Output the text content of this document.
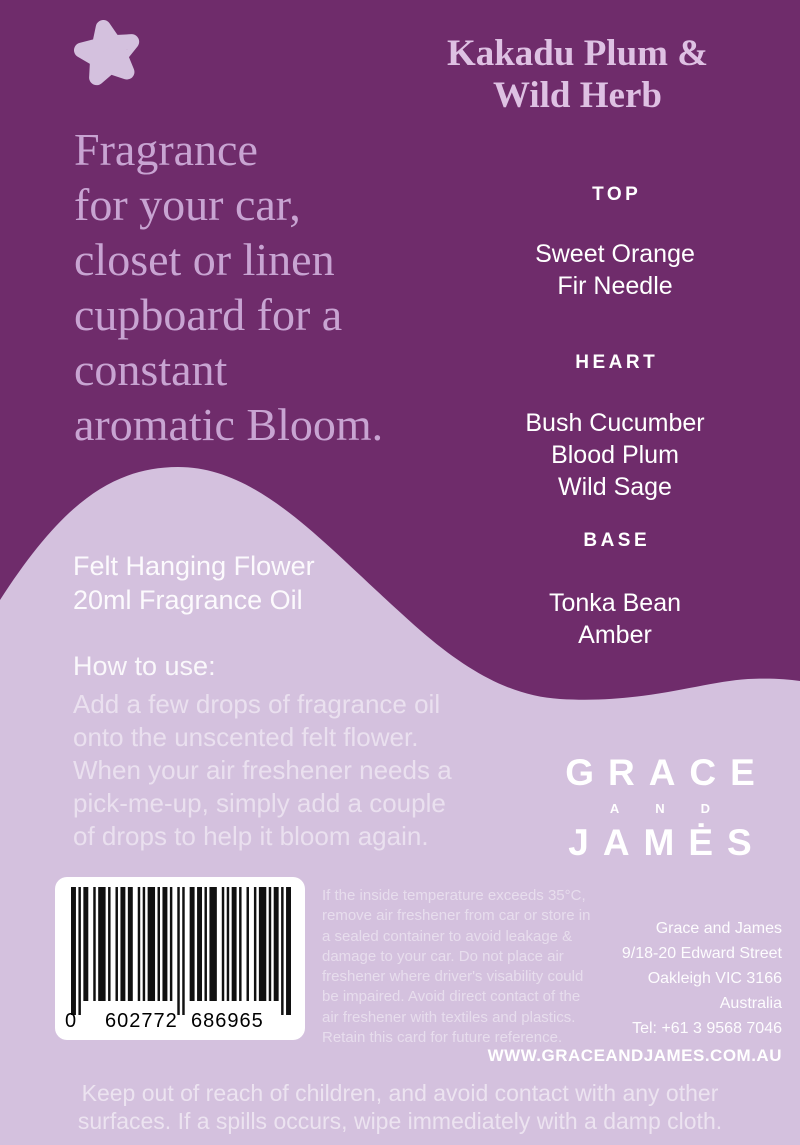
Kakadu Plum &
Wild Herb
Fragrance
for your car,
closet or linen
cupboard for a
constant
aromatic Bloom.
TOP
Sweet Orange
Fir Needle
HEART
Bush Cucumber
Blood Plum
Wild Sage
BASE
Tonka Bean
Amber
Felt Hanging Flower
20ml Fragrance Oil
How to use:
Add a few drops of fragrance oil
onto the unscented felt flower.
When your air freshener needs a
pick-me-up, simply add a couple
of drops to help it bloom again.
GRACE
AND
JAMĖS
0 602772 686965
If the inside temperature exceeds 35°C,
remove air freshener from car or store in
a sealed container to avoid leakage &
damage to your car. Do not place air
freshener where driver's visability could
be impaired. Avoid direct contact of the
air freshener with textiles and plastics.
Retain this card for future reference.
Grace and James
9/18-20 Edward Street
Oakleigh VIC 3166
Australia
Tel: +61 3 9568 7046
WWW.GRACEANDJAMES.COM.AU
Keep out of reach of children, and avoid contact with any other
surfaces. If a spills occurs, wipe immediately with a damp cloth.
